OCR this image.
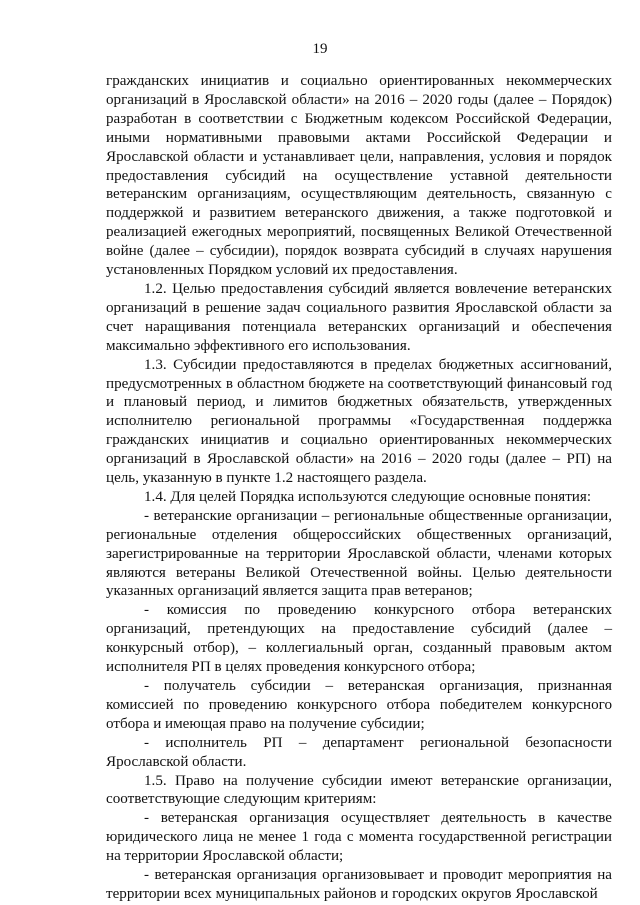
19

гражданских инициатив и социально ориентированных некоммерческих организаций в Ярославской области» на 2016 – 2020 годы (далее – Порядок) разработан в соответствии с Бюджетным кодексом Российской Федерации, иными нормативными правовыми актами Российской Федерации и Ярославской области и устанавливает цели, направления, условия и порядок предоставления субсидий на осуществление уставной деятельности ветеранским организациям, осуществляющим деятельность, связанную с поддержкой и развитием ветеранского движения, а также подготовкой и реализацией ежегодных мероприятий, посвященных Великой Отечественной войне (далее – субсидии), порядок возврата субсидий в случаях нарушения установленных Порядком условий их предоставления.

1.2. Целью предоставления субсидий является вовлечение ветеранских организаций в решение задач социального развития Ярославской области за счет наращивания потенциала ветеранских организаций и обеспечения максимально эффективного его использования.

1.3. Субсидии предоставляются в пределах бюджетных ассигнований, предусмотренных в областном бюджете на соответствующий финансовый год и плановый период, и лимитов бюджетных обязательств, утвержденных исполнителю региональной программы «Государственная поддержка гражданских инициатив и социально ориентированных некоммерческих организаций в Ярославской области» на 2016 – 2020 годы (далее – РП) на цель, указанную в пункте 1.2 настоящего раздела.

1.4. Для целей Порядка используются следующие основные понятия:

- ветеранские организации – региональные общественные организации, региональные отделения общероссийских общественных организаций, зарегистрированные на территории Ярославской области, членами которых являются ветераны Великой Отечественной войны. Целью деятельности указанных организаций является защита прав ветеранов;

- комиссия по проведению конкурсного отбора ветеранских организаций, претендующих на предоставление субсидий (далее – конкурсный отбор), – коллегиальный орган, созданный правовым актом исполнителя РП в целях проведения конкурсного отбора;

- получатель субсидии – ветеранская организация, признанная комиссией по проведению конкурсного отбора победителем конкурсного отбора и имеющая право на получение субсидии;

- исполнитель РП – департамент региональной безопасности Ярославской области.

1.5. Право на получение субсидии имеют ветеранские организации, соответствующие следующим критериям:

- ветеранская организация осуществляет деятельность в качестве юридического лица не менее 1 года с момента государственной регистрации на территории Ярославской области;

- ветеранская организация организовывает и проводит мероприятия на территории всех муниципальных районов и городских округов Ярославской
